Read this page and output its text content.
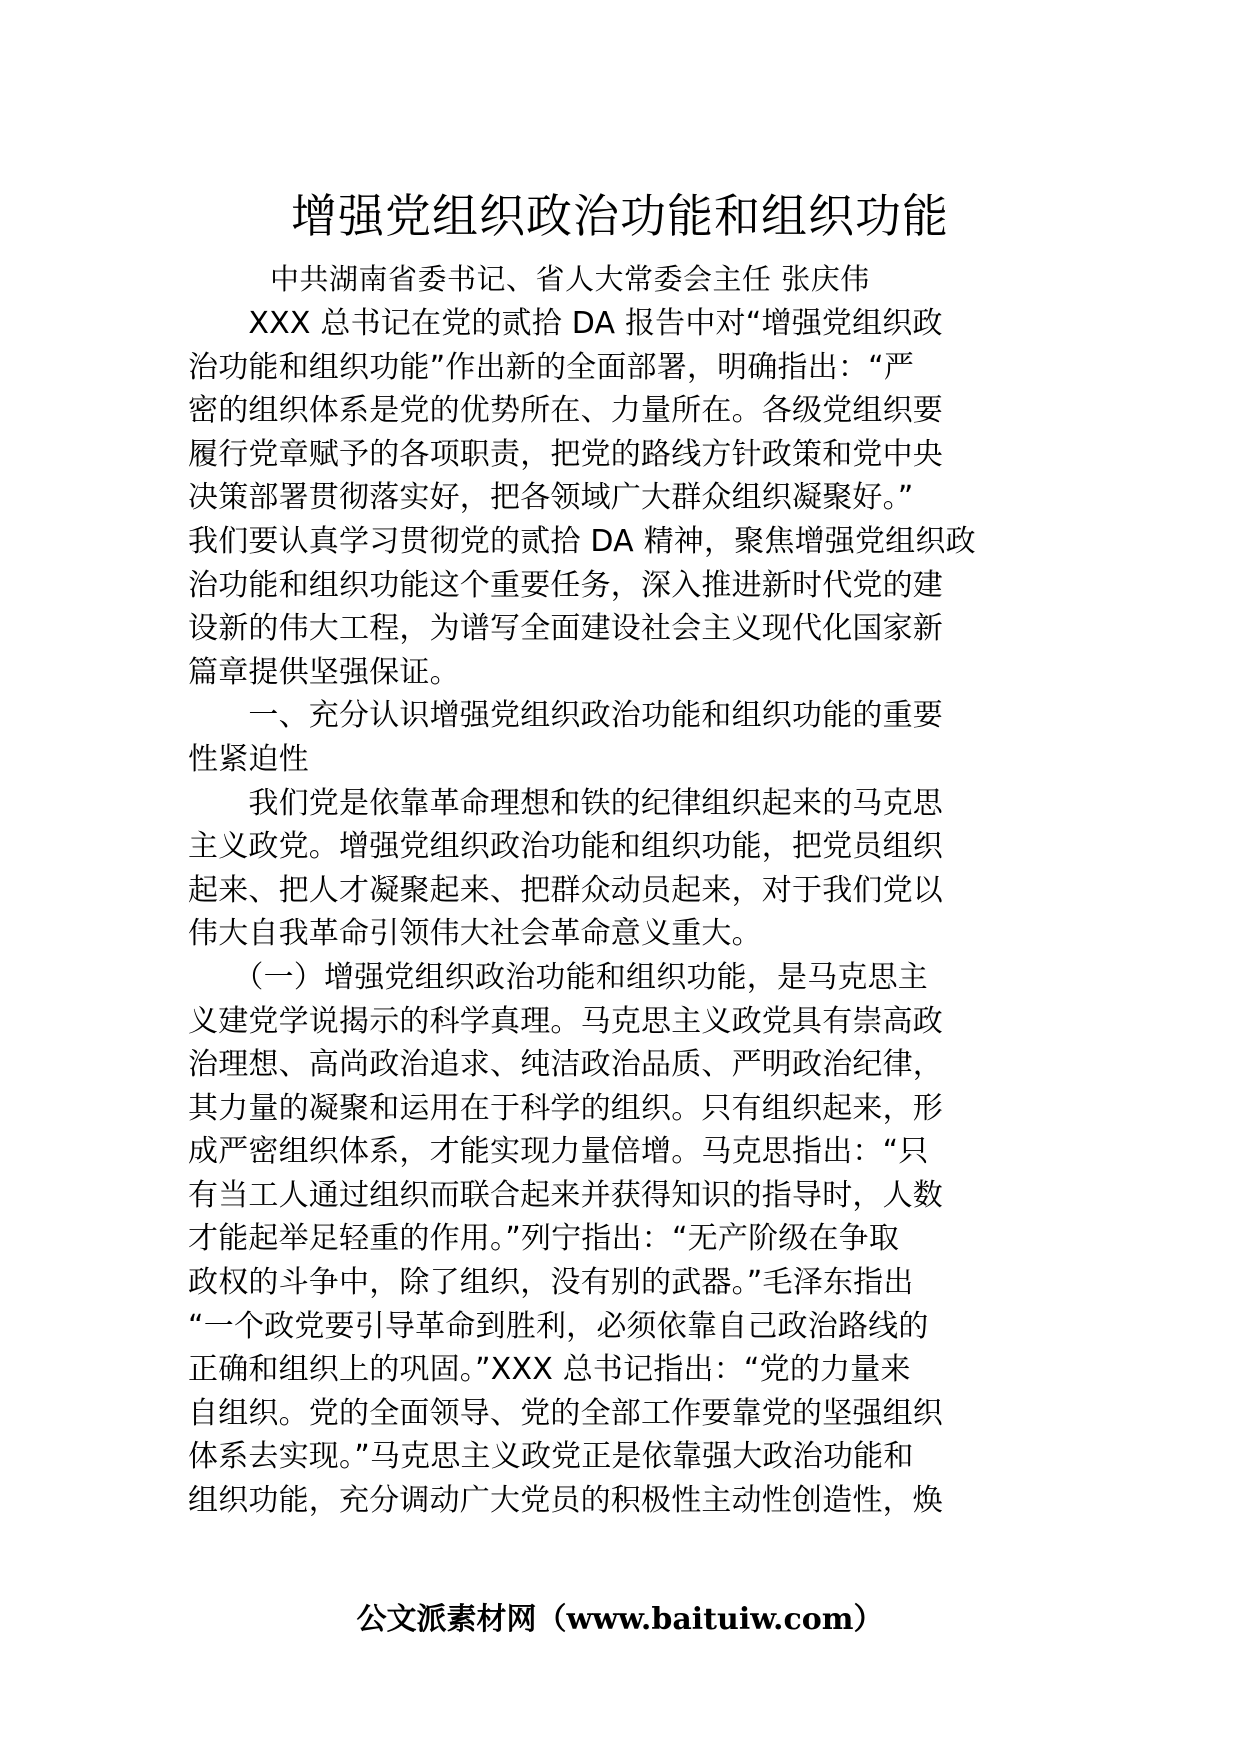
增强党组织政治功能和组织功能
中共湖南省委书记、省人大常委会主任 张庆伟
　　XXX 总书记在党的贰拾 DA 报告中对“增强党组织政
治功能和组织功能”作出新的全面部署，明确指出：“严
密的组织体系是党的优势所在、力量所在。各级党组织要
履行党章赋予的各项职责，把党的路线方针政策和党中央
决策部署贯彻落实好，把各领域广大群众组织凝聚好。”
我们要认真学习贯彻党的贰拾 DA 精神，聚焦增强党组织政
治功能和组织功能这个重要任务，深入推进新时代党的建
设新的伟大工程，为谱写全面建设社会主义现代化国家新
篇章提供坚强保证。
　　一、充分认识增强党组织政治功能和组织功能的重要
性紧迫性
　　我们党是依靠革命理想和铁的纪律组织起来的马克思
主义政党。增强党组织政治功能和组织功能，把党员组织
起来、把人才凝聚起来、把群众动员起来，对于我们党以
伟大自我革命引领伟大社会革命意义重大。
　　（一）增强党组织政治功能和组织功能，是马克思主
义建党学说揭示的科学真理。马克思主义政党具有崇高政
治理想、高尚政治追求、纯洁政治品质、严明政治纪律，
其力量的凝聚和运用在于科学的组织。只有组织起来，形
成严密组织体系，才能实现力量倍增。马克思指出：“只
有当工人通过组织而联合起来并获得知识的指导时，人数
才能起举足轻重的作用。”列宁指出：“无产阶级在争取
政权的斗争中，除了组织，没有别的武器。”毛泽东指出
“一个政党要引导革命到胜利，必须依靠自己政治路线的
正确和组织上的巩固。”XXX 总书记指出：“党的力量来
自组织。党的全面领导、党的全部工作要靠党的坚强组织
体系去实现。”马克思主义政党正是依靠强大政治功能和
组织功能，充分调动广大党员的积极性主动性创造性，焕
公文派素材网（www.baituiw.com）
